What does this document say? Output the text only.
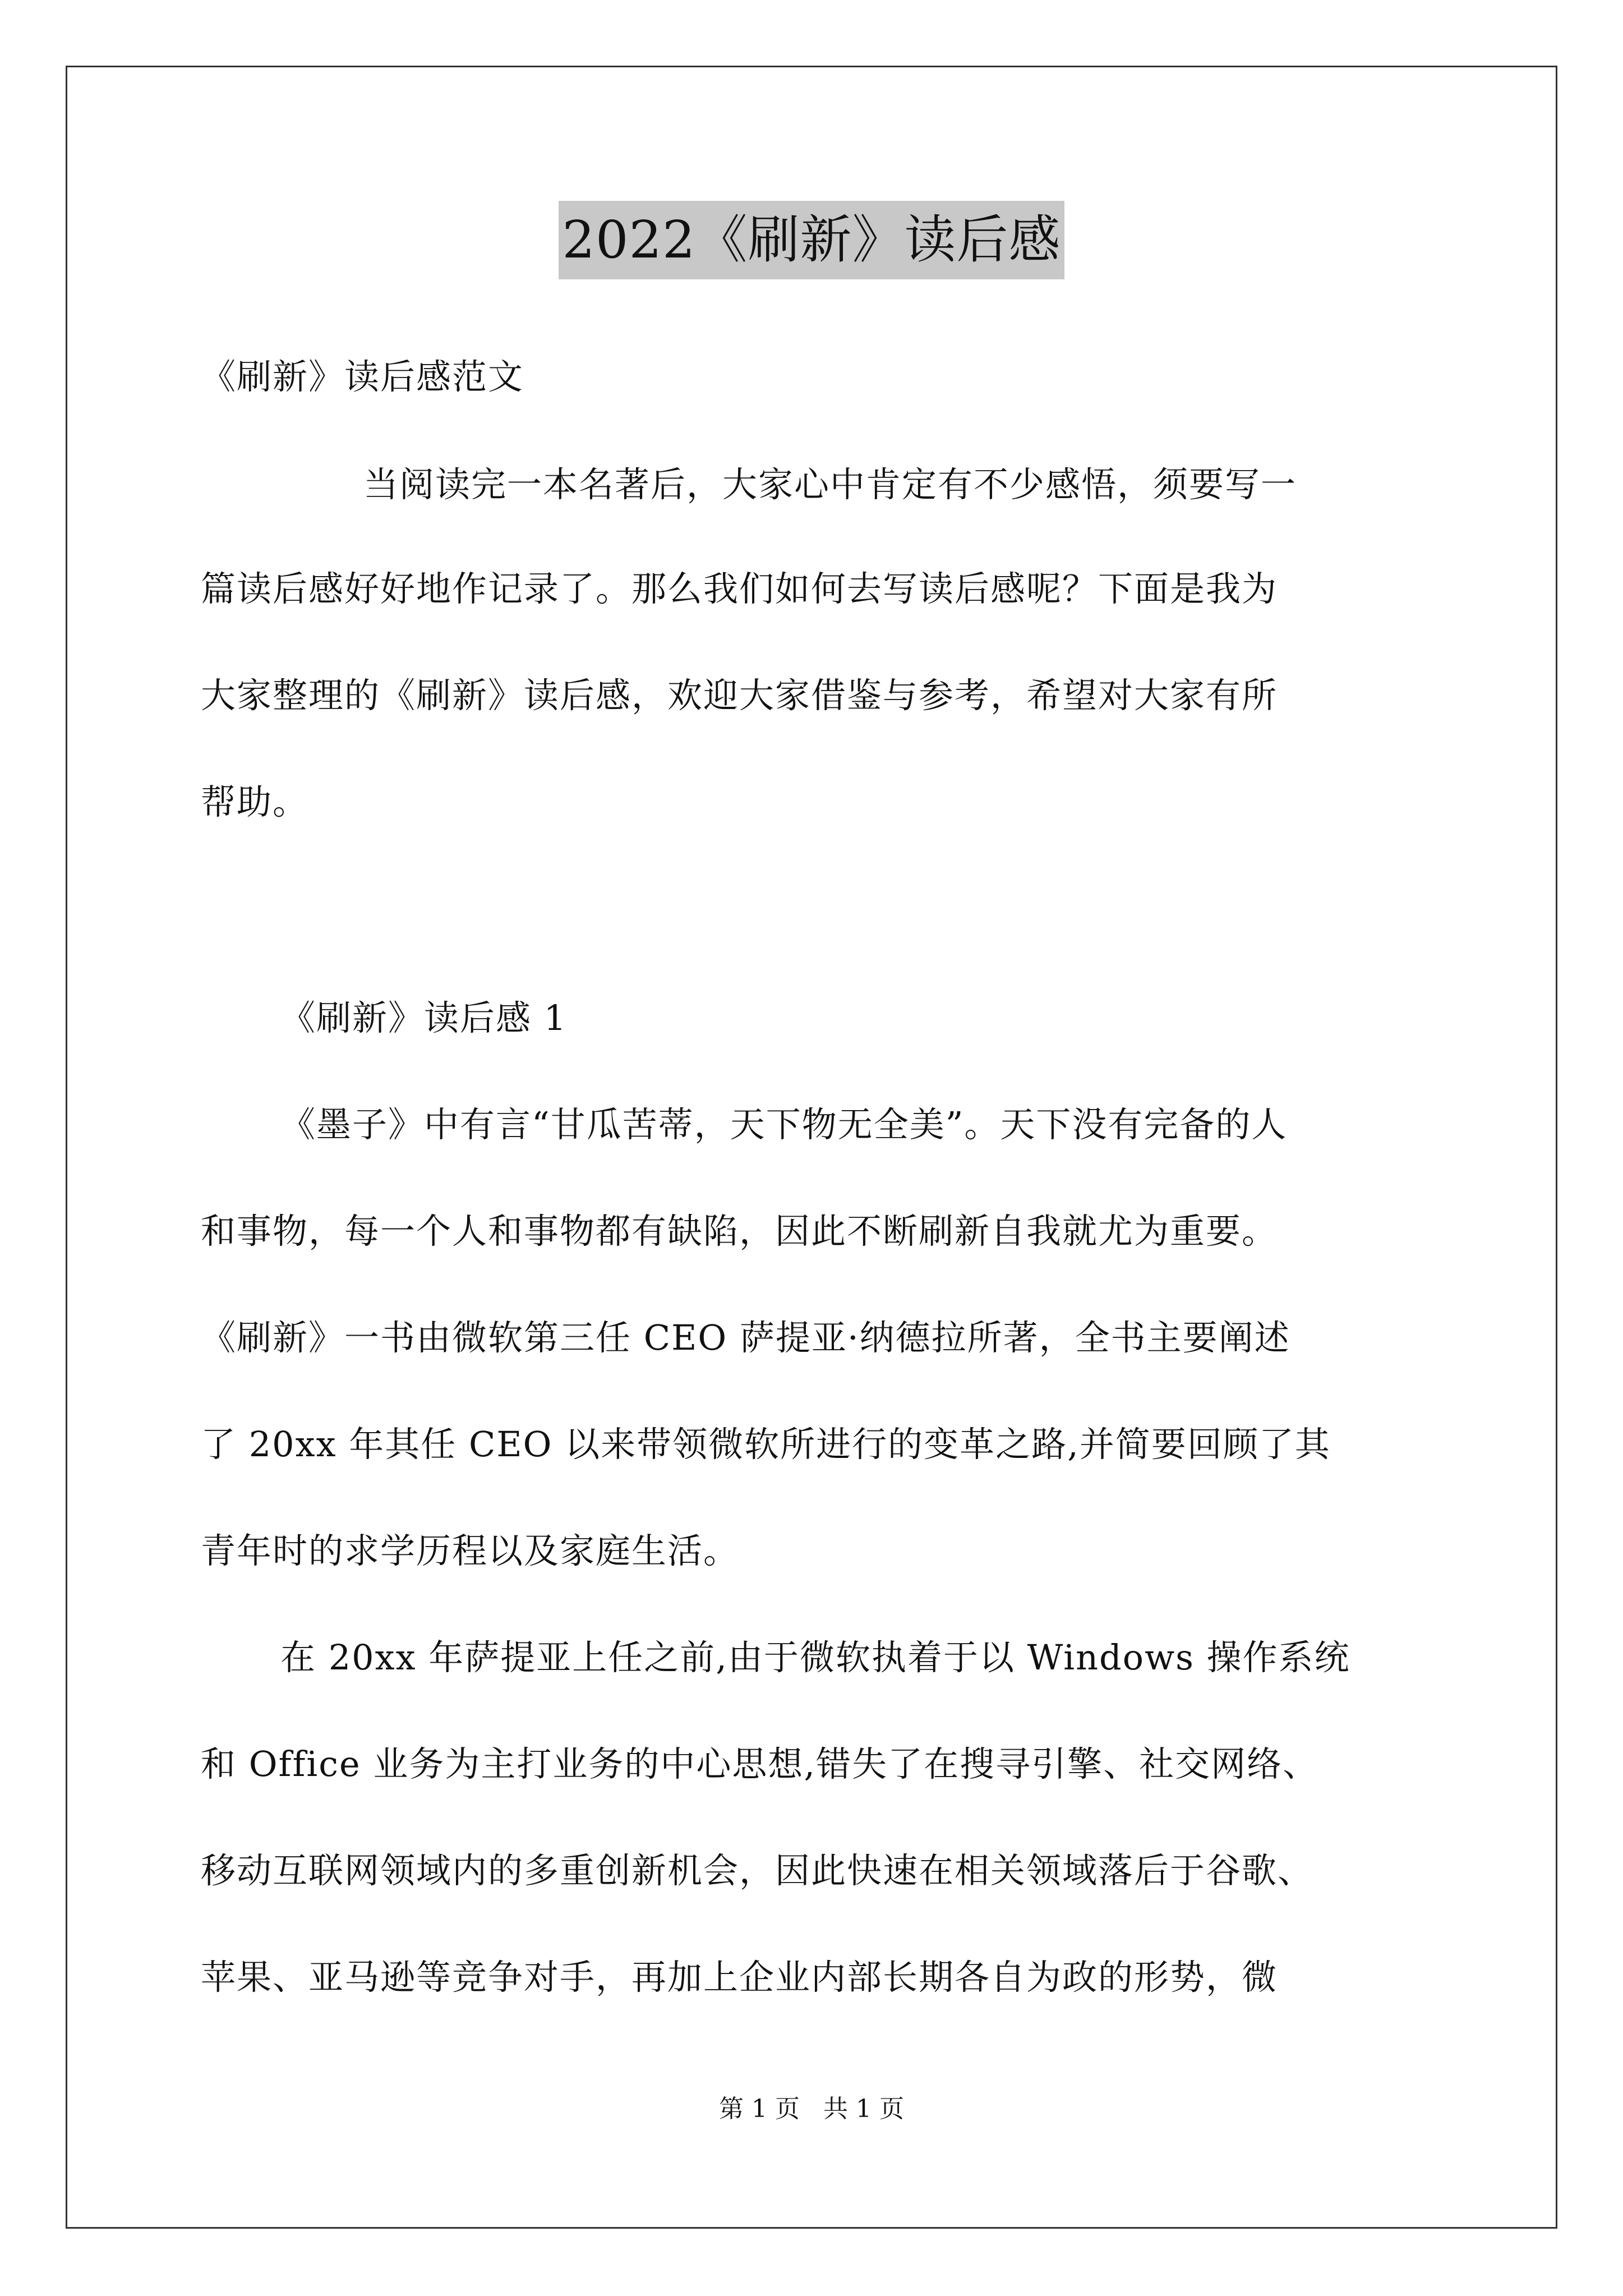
2022《刷新》读后感
《刷新》读后感范文
当阅读完一本名著后，大家心中肯定有不少感悟，须要写一
篇读后感好好地作记录了。那么我们如何去写读后感呢？下面是我为
大家整理的《刷新》读后感，欢迎大家借鉴与参考，希望对大家有所
帮助。
《刷新》读后感 1
《墨子》中有言“甘瓜苦蒂，天下物无全美”。天下没有完备的人
和事物，每一个人和事物都有缺陷，因此不断刷新自我就尤为重要。
《刷新》一书由微软第三任 CEO 萨提亚·纳德拉所著，全书主要阐述
了 20xx 年其任 CEO 以来带领微软所进行的变革之路,并简要回顾了其
青年时的求学历程以及家庭生活。
在 20xx 年萨提亚上任之前,由于微软执着于以 Windows 操作系统
和 Office 业务为主打业务的中心思想,错失了在搜寻引擎、社交网络、
移动互联网领域内的多重创新机会，因此快速在相关领域落后于谷歌、
苹果、亚马逊等竞争对手，再加上企业内部长期各自为政的形势，微
第 1 页   共 1 页
